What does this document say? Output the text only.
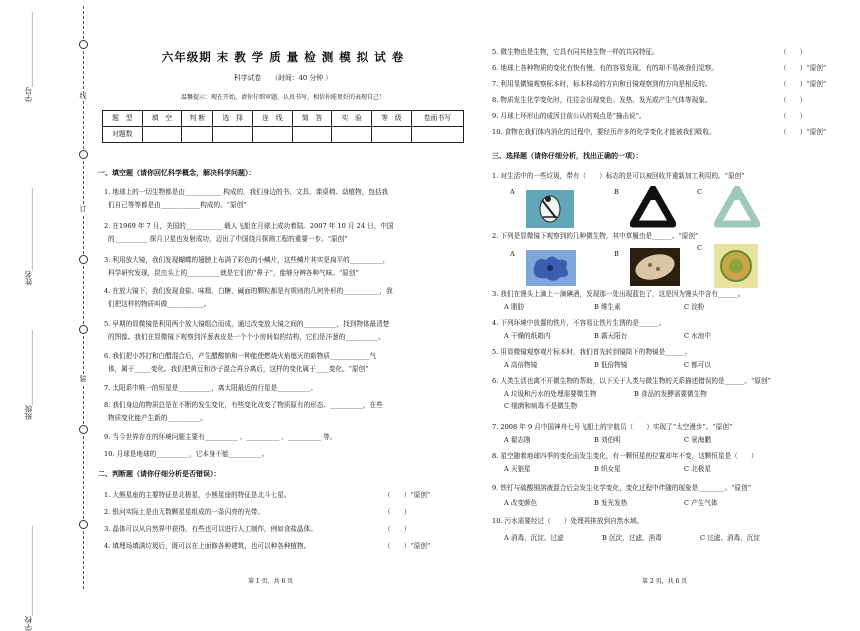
学校＿＿＿＿＿＿＿＿＿＿＿＿
班级＿＿＿＿＿＿＿＿＿＿
姓名＿＿＿＿＿＿＿＿＿＿＿
学号＿＿＿＿＿＿＿＿＿＿
线
订
装
六年级期 末 教 学 质 量 检 测 模 拟 试 卷
科学试卷　　（时间：40 分钟 ）
温馨提示：现在开始，请你仔细审题，认真书写，相信你能更好的表现自己！
题　型	填　空	判 断	选　择	连　线	简　答	实　验	等　级	卷面书写
对题数								
一、填空题（请你回忆科学概念，解决科学问题）：
1. 地球上的一切生物都是由___________ 构成的，我们身边的书、文具、课桌椅、动植物，包括我
们自己等等都是由____________构成的。“原创”
2. 在1969 年 7 月，美国的___________ 载人飞船在月球上成功着陆。2007 年 10 月 24 日，中国
的__________ 探月卫星也发射成功，迈出了中国绕月探测工程的重要一步。“原创”
3. 利用放大镜，我们发现蝴蝶的翅膀上布满了彩色的小鳞片，这些鳞片其实是扁平的__________，
科学研究发现，昆虫头上的__________就是它们的“鼻子”，能够分辨各种气味。“原创”
4. 在放大镜下，我们发现食盐、味精、白糖、碱面的颗粒都是有规则的几何外形的___________，我
们把这样的物质叫做___________。
5. 早期的显微镜是利用两个放大镜组合而成，通过改变放大镜之间的__________，找到物体最清楚
的图像。我们在显微镜下观察到洋葱表皮是一个个小房间似的结构，它们是洋葱的__________。
6. 我们把小苏打和白醋混合后，产生醋酸钠和一种能使燃烧火焰熄灭的新物质____________气
体，属于_____变化。我们把黄豆和沙子混合再分离后，这样的变化属于____变化。“原创”
7. 太阳系中唯一的恒星是__________，离太阳最近的行星是__________。
8. 我们身边的物质总是在不断的发生变化，有些变化改变了物质原有的形态、__________，在些
物质变化能产生新的__________。
9. 当今世界存在的环境问题主要有__________ 、__________ 、__________ 等。
10. 月球是地球的__________，它本身不能__________。
二、判断题（请你仔细分析是否错误）：
1. 大熊星座的主要特征是北极星，小熊星座的特征是北斗七星。	（　　）“原创”
2. 银河实际上是由无数颗星星组成的一条闪亮的光带。	（　　）
3. 晶体可以从自然界中获得，有些也可以进行人工制作，例如食盐晶体。	（　　）
4. 填埋场填满垃圾后，既可以在上面修各种建筑，也可以种各种植物。	（　　）“原创”
第 1 页，共 6 页
5. 微生物也是生物，它具有同其他生物一样的共同特征。	（　　）
6. 地球上各种物质的变化有快有慢，有的容易发现，有的却不易被我们觉察。	（　　）“原创”
7. 利用显微镜观察标本时，标本移动的方向和目镜观察到的方向是相反的。	（　　）“原创”
8. 物质发生化学变化时，往往会出现变色、发热、发光或产生气体等现象。	（　　）
9. 月球上环形山的成因目前公认的观点是“撞击说”。	（　　）
10. 食物在我们体内消化的过程中，要经历许多的化学变化才能被我们吸收。	（　　）“原创”
三、选择题（请你仔细分析，找出正确的一项）：
1. 对生活中的一些垃圾，带有（　　）标志的是可以被回收并重新加工利用的。“原创”
A	B	C
2. 下列是显微镜下观察到的几种微生物，其中草履虫是______。“原创”
A	B
C
3. 我们在馒头上滴上一滴碘酒，发现那一处出现蓝色了，这是因为馒头中含有______。
A 脂肪	B 维生素	C 淀粉
4. 下列环境中放置的铁片，不容易让铁片生锈的是______。
A 干燥的纸箱内	B 露天阳台	C 水池中
5. 用显微镜观察观片标本时，我们首先转到镜筒下的物镜是______。
A 高倍物镜	B 低倍物镜	C 都可以
6. 人类生活也离不开微生物的帮助，以下关于人类与微生物的关系描述错误的是______。“原创”
A 垃圾和污水的处理需要微生物	B 食品的发酵需要微生物
C 细菌和病毒不是微生物
7. 2008 年 9 月中国神舟七号飞船上的宇航员（　　）实现了“太空漫步”。“原创”
A 翟志刚	B 刘伯明	C 景海鹏
8. 星空随着地球四季的变化而发生变化，有一颗恒星的位置却年不变，这颗恒星是（　　）
A 天狼星	B 织女星	C 北极星
9. 铁钉与硫酸铜溶液混合后会发生化学变化，变化过程中伴随的现象是________。“原创”
A 改变颜色	B 发光发热	C 产生气体
10. 污水需要经过（　　）处理再排放到自然水域。
A 消毒、沉淀、过滤	B 沉淀、过滤、消毒	C 过滤、消毒、沉淀
第 2 页，共 6 页
